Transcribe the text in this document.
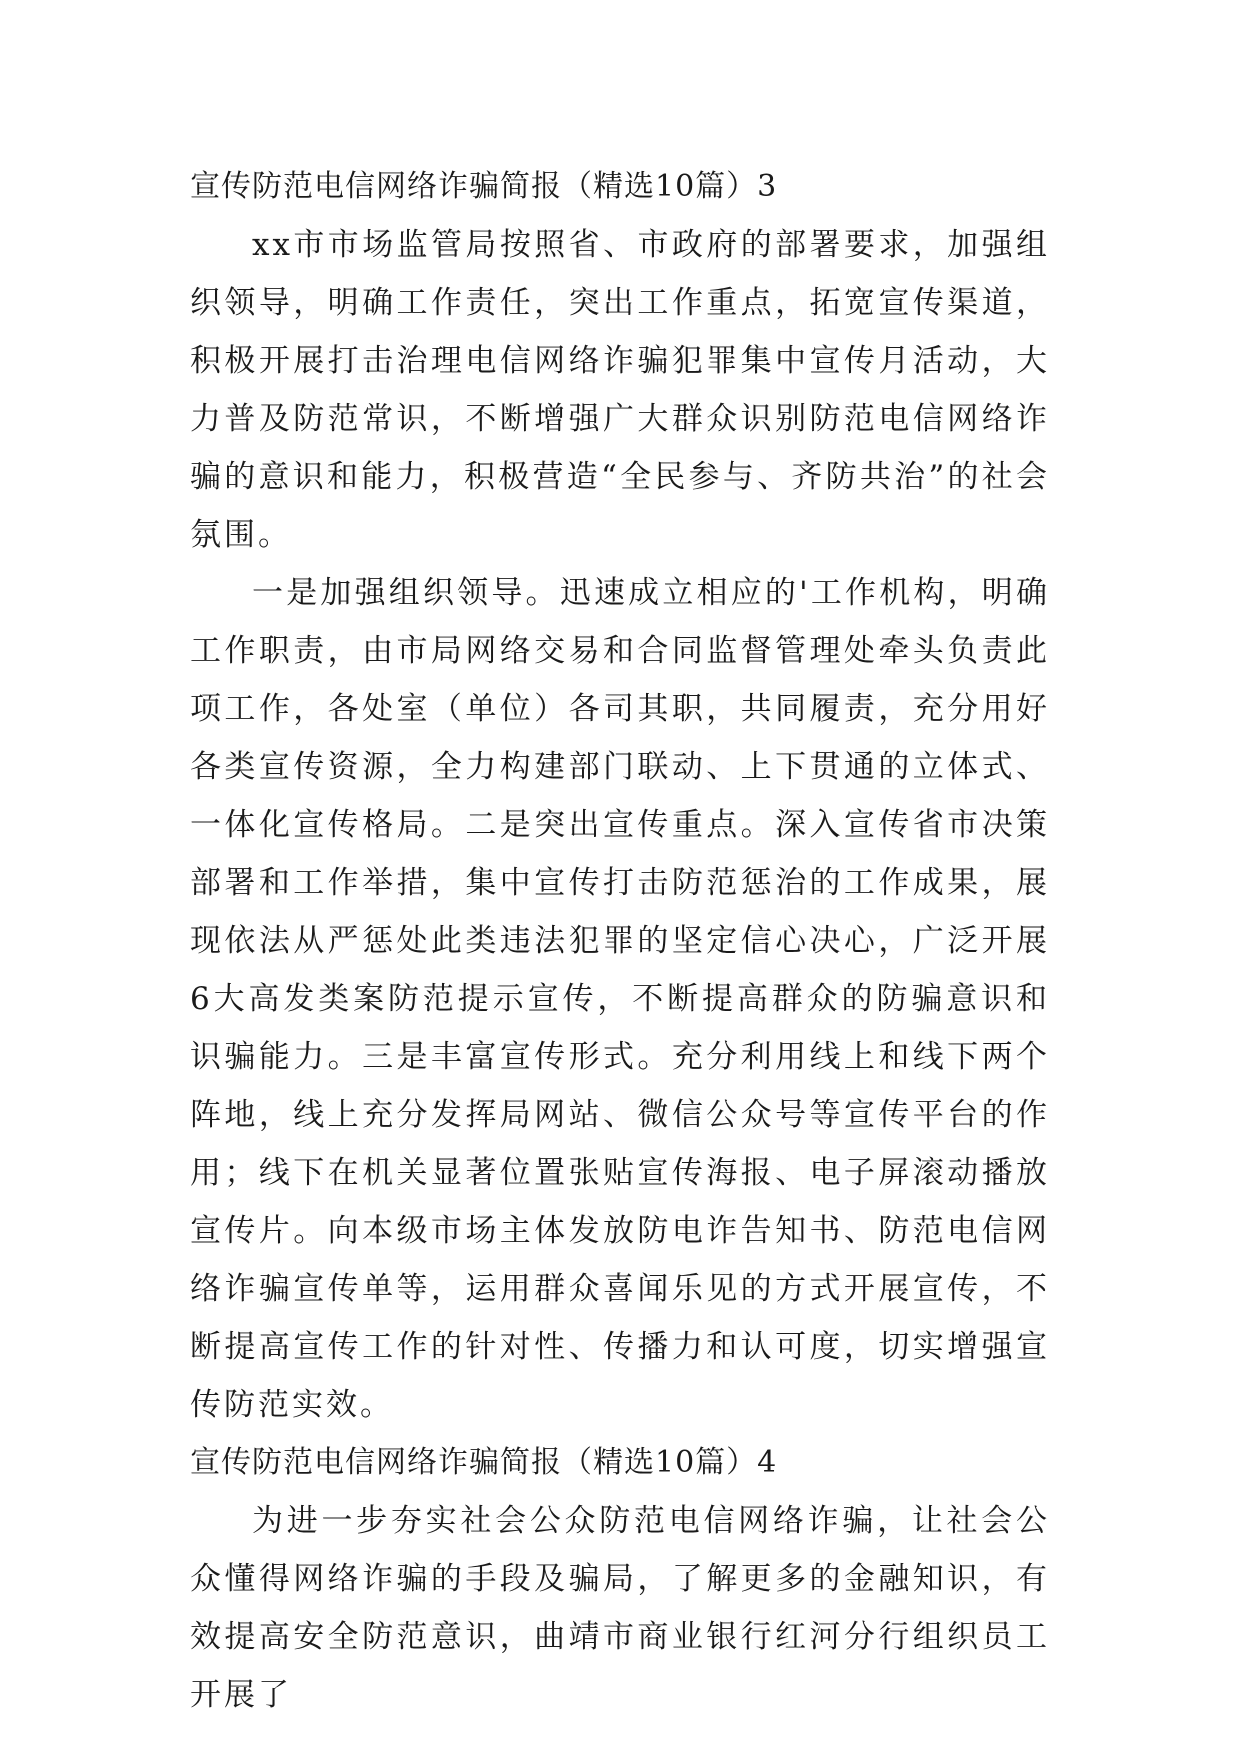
宣传防范电信网络诈骗简报（精选10篇）3

xx市市场监管局按照省、市政府的部署要求，加强组织领导，明确工作责任，突出工作重点，拓宽宣传渠道，积极开展打击治理电信网络诈骗犯罪集中宣传月活动，大力普及防范常识，不断增强广大群众识别防范电信网络诈骗的意识和能力，积极营造“全民参与、齐防共治”的社会氛围。

一是加强组织领导。迅速成立相应的'工作机构，明确工作职责，由市局网络交易和合同监督管理处牵头负责此项工作，各处室（单位）各司其职，共同履责，充分用好各类宣传资源，全力构建部门联动、上下贯通的立体式、一体化宣传格局。二是突出宣传重点。深入宣传省市决策部署和工作举措，集中宣传打击防范惩治的工作成果，展现依法从严惩处此类违法犯罪的坚定信心决心，广泛开展6大高发类案防范提示宣传，不断提高群众的防骗意识和识骗能力。三是丰富宣传形式。充分利用线上和线下两个阵地，线上充分发挥局网站、微信公众号等宣传平台的作用；线下在机关显著位置张贴宣传海报、电子屏滚动播放宣传片。向本级市场主体发放防电诈告知书、防范电信网络诈骗宣传单等，运用群众喜闻乐见的方式开展宣传，不断提高宣传工作的针对性、传播力和认可度，切实增强宣传防范实效。

宣传防范电信网络诈骗简报（精选10篇）4

为进一步夯实社会公众防范电信网络诈骗，让社会公众懂得网络诈骗的手段及骗局，了解更多的金融知识，有效提高安全防范意识，曲靖市商业银行红河分行组织员工开展了
